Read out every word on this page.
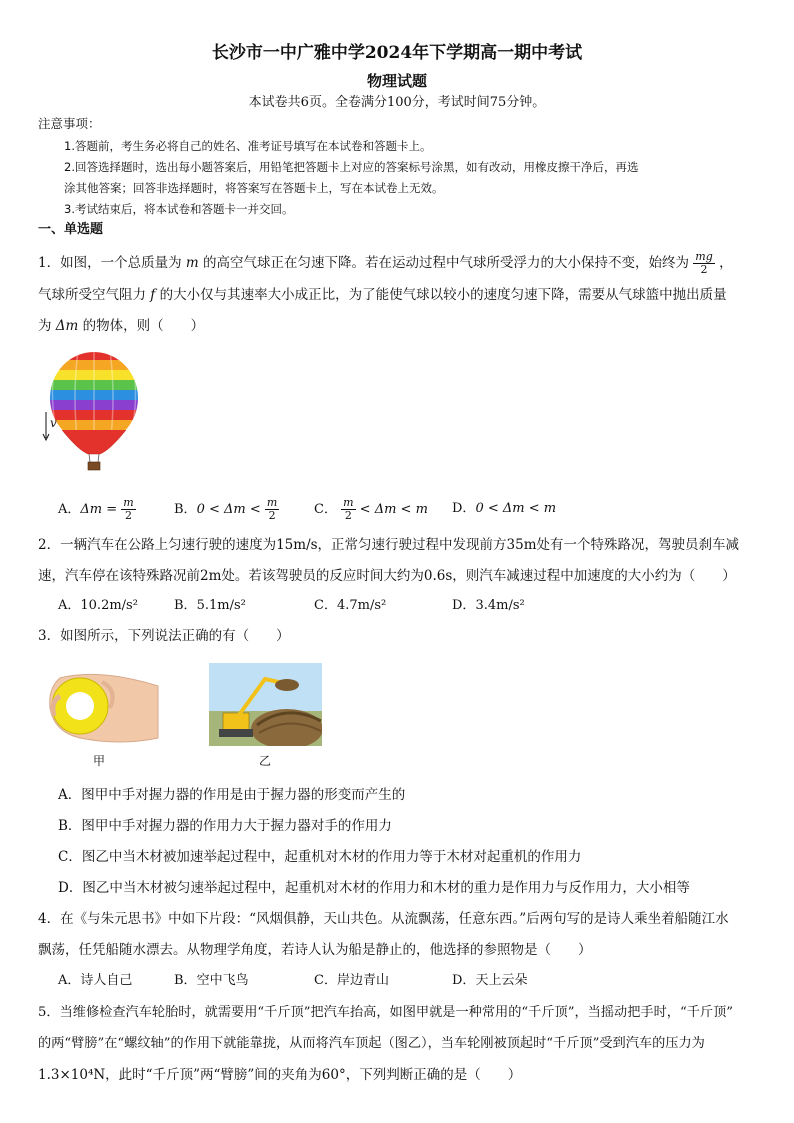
长沙市一中广雅中学2024年下学期高一期中考试
物理试题
本试卷共6页。全卷满分100分，考试时间75分钟。
注意事项：
1.答题前，考生务必将自己的姓名、准考证号填写在本试卷和答题卡上。
2.回答选择题时，选出每小题答案后，用铅笔把答题卡上对应的答案标号涂黑，如有改动，用橡皮擦干净后，再选
涂其他答案；回答非选择题时，将答案写在答题卡上，写在本试卷上无效。
3.考试结束后，将本试卷和答题卡一并交回。
一、单选题
1．如图，一个总质量为 m 的高空气球正在匀速下降。若在运动过程中气球所受浮力的大小保持不变，始终为 $\frac{mg}{2}$ ，
气球所受空气阻力 f 的大小仅与其速率大小成正比，为了能使气球以较小的速度匀速下降，需要从气球篮中抛出质量
为 Δm 的物体，则（　　）
v
A．$\Delta m = \frac{m}{2}$	B．$0 < \Delta m < \frac{m}{2}$	C． $\frac{m}{2} < \Delta m < m$ D．0 < Δm < m
2．一辆汽车在公路上匀速行驶的速度为15m/s，正常匀速行驶过程中发现前方35m处有一个特殊路况，驾驶员刹车减
速，汽车停在该特殊路况前2m处。若该驾驶员的反应时间大约为0.6s，则汽车减速过程中加速度的大小约为（　　）
A．10.2m/s²	B．5.1m/s²	C．4.7m/s²	D．3.4m/s²
3．如图所示，下列说法正确的有（　　）
甲	乙
A．图甲中手对握力器的作用是由于握力器的形变而产生的
B．图甲中手对握力器的作用力大于握力器对手的作用力
C．图乙中当木材被加速举起过程中，起重机对木材的作用力等于木材对起重机的作用力
D．图乙中当木材被匀速举起过程中，起重机对木材的作用力和木材的重力是作用力与反作用力，大小相等
4．在《与朱元思书》中如下片段：“风烟俱静，天山共色。从流飘荡，任意东西。”后两句写的是诗人乘坐着船随江水
飘荡，任凭船随水漂去。从物理学角度，若诗人认为船是静止的，他选择的参照物是（　　）
A．诗人自己	B．空中飞鸟	C．岸边青山	D．天上云朵
5．当维修检查汽车轮胎时，就需要用“千斤顶”把汽车抬高，如图甲就是一种常用的“千斤顶”，当摇动把手时，“千斤顶”
的两“臂膀”在“螺纹轴”的作用下就能靠拢，从而将汽车顶起（图乙），当车轮刚被顶起时“千斤顶”受到汽车的压力为
1.3×10⁴N，此时“千斤顶”两“臂膀”间的夹角为60°，下列判断正确的是（　　）
